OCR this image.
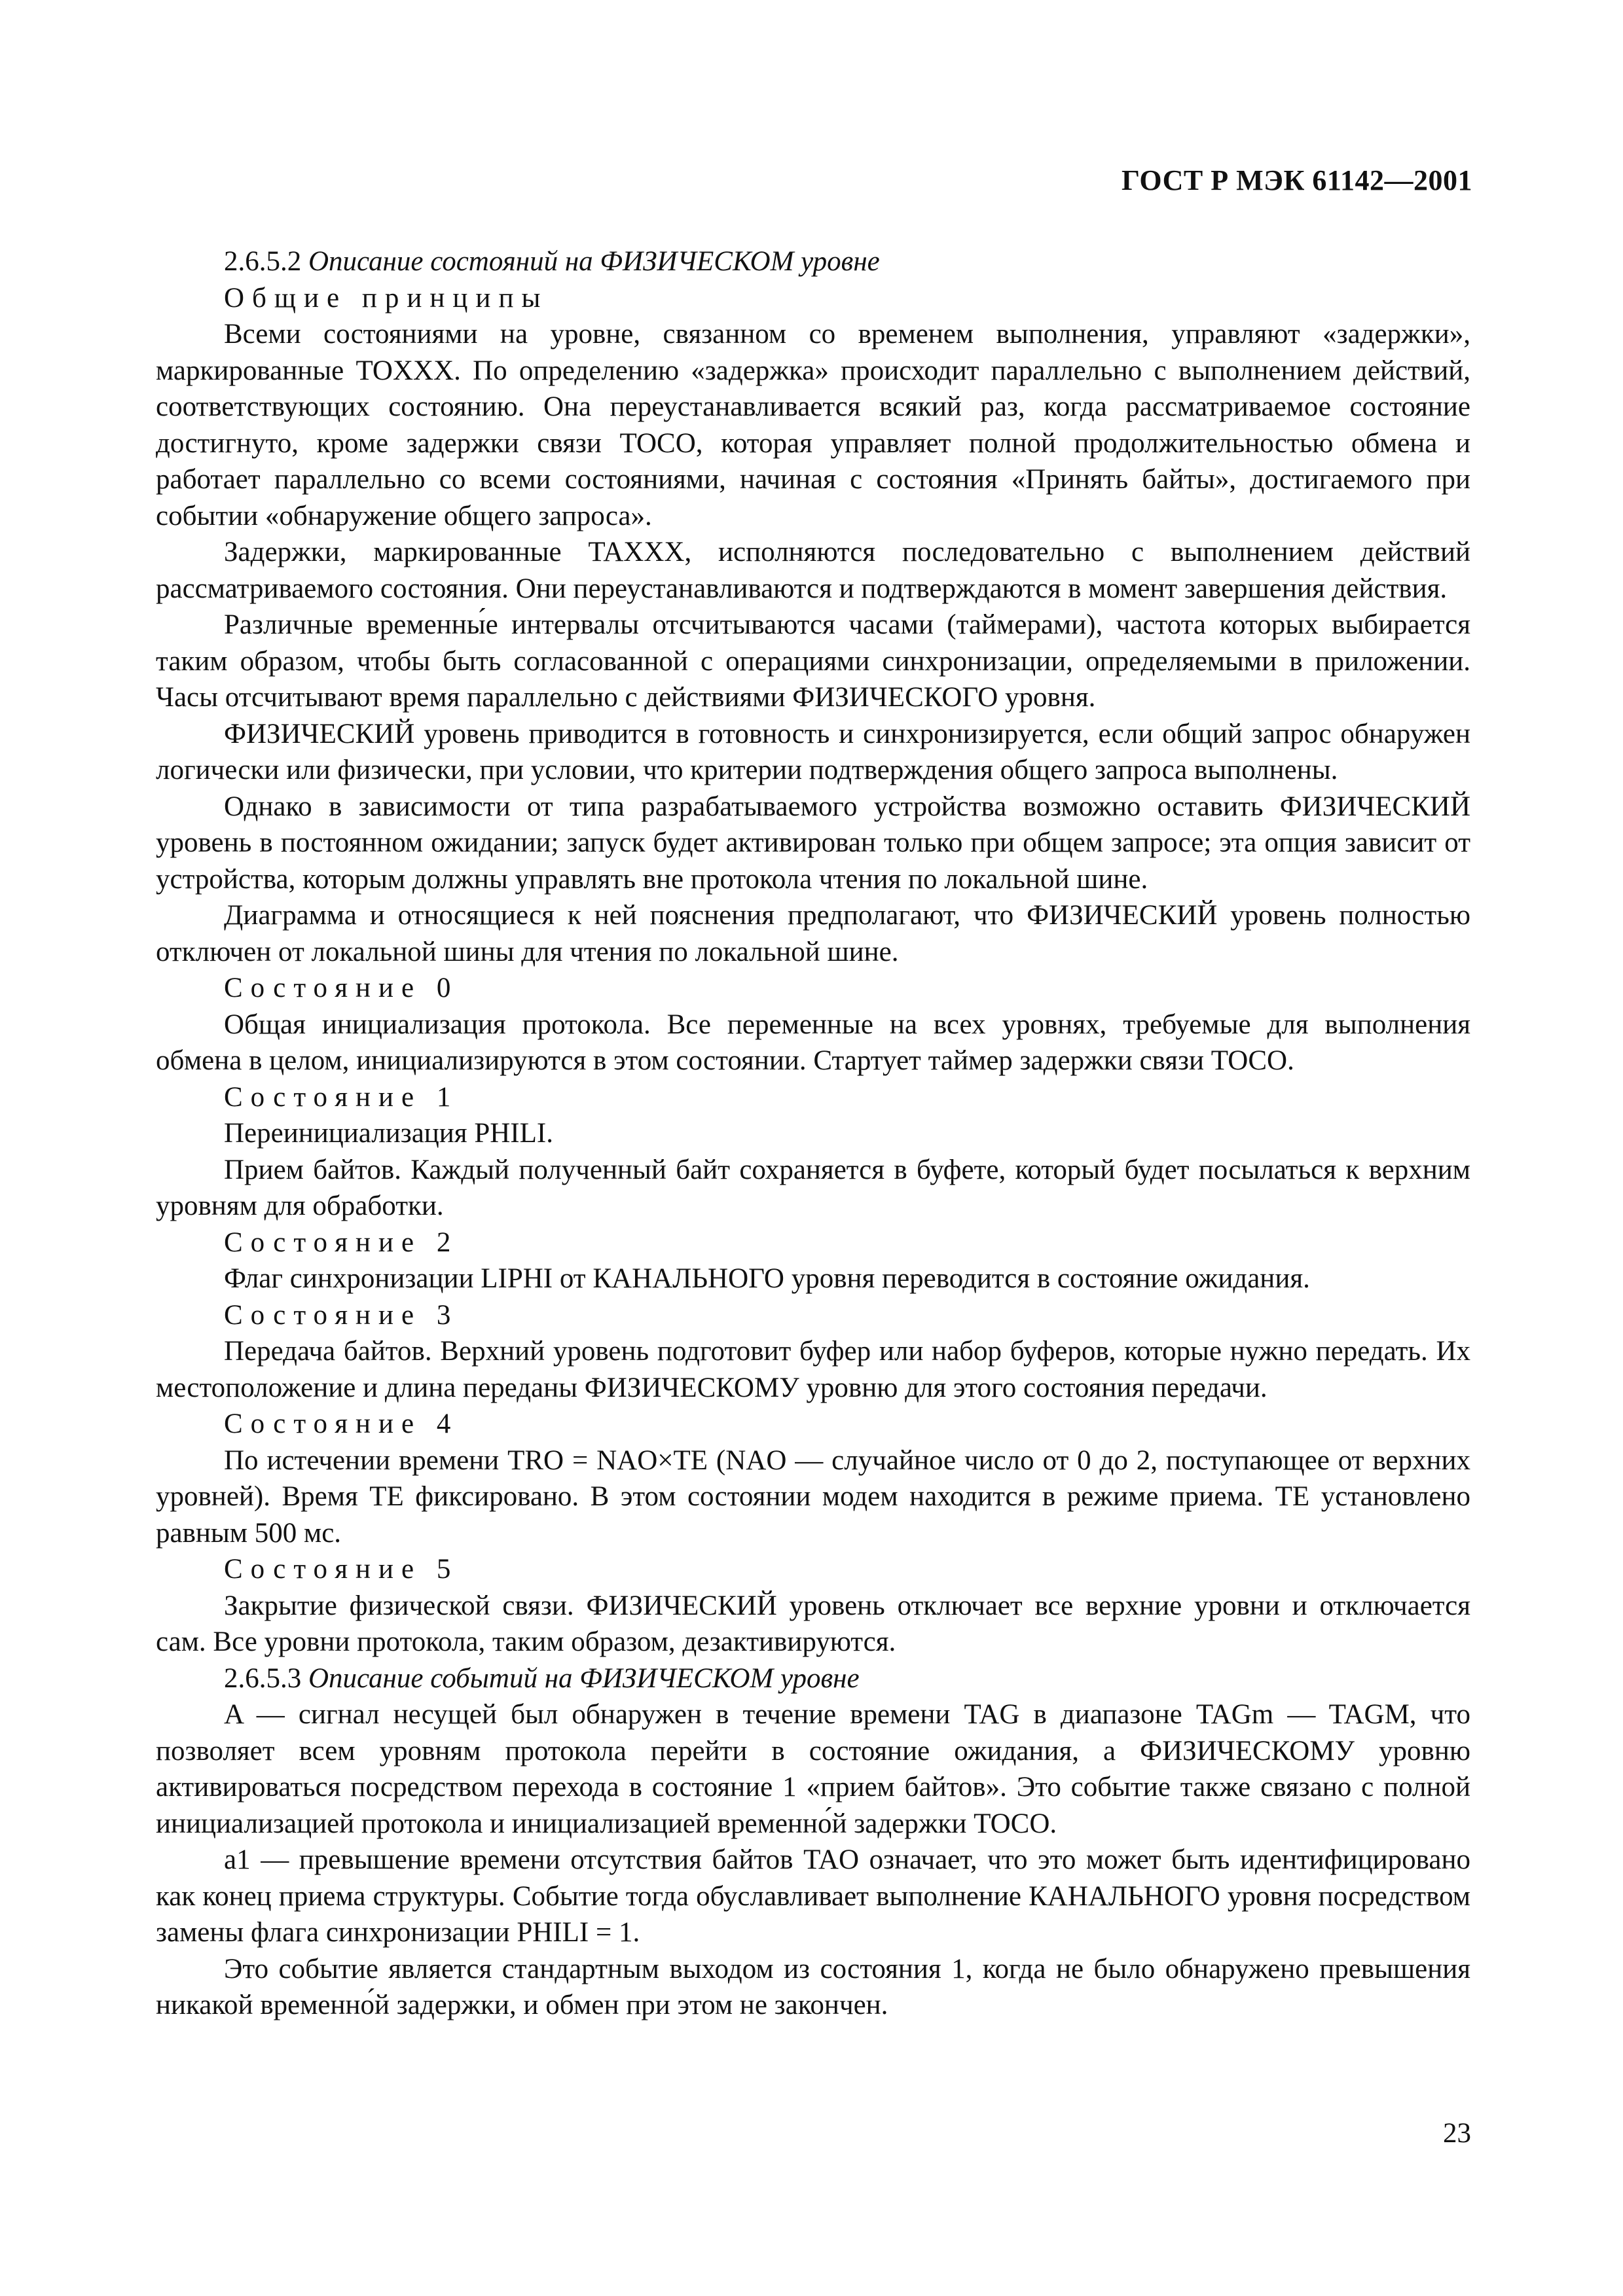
ГОСТ Р МЭК 61142—2001

2.6.5.2 Описание состояний на ФИЗИЧЕСКОМ уровне

Общие принципы

Всеми состояниями на уровне, связанном со временем выполнения, управляют «задержки», маркированные TOXXX. По определению «задержка» происходит параллельно с выполнением действий, соответствующих состоянию. Она переустанавливается всякий раз, когда рассматриваемое состояние достигнуто, кроме задержки связи TOCO, которая управляет полной продолжительностью обмена и работает параллельно со всеми состояниями, начиная с состояния «Принять байты», достигаемого при событии «обнаружение общего запроса».

Задержки, маркированные TAXXX, исполняются последовательно с выполнением действий рассматриваемого состояния. Они переустанавливаются и подтверждаются в момент завершения действия.

Различные временны́е интервалы отсчитываются часами (таймерами), частота которых выбирается таким образом, чтобы быть согласованной с операциями синхронизации, определяемыми в приложении. Часы отсчитывают время параллельно с действиями ФИЗИЧЕСКОГО уровня.

ФИЗИЧЕСКИЙ уровень приводится в готовность и синхронизируется, если общий запрос обнаружен логически или физически, при условии, что критерии подтверждения общего запроса выполнены.

Однако в зависимости от типа разрабатываемого устройства возможно оставить ФИЗИЧЕСКИЙ уровень в постоянном ожидании; запуск будет активирован только при общем запросе; эта опция зависит от устройства, которым должны управлять вне протокола чтения по локальной шине.

Диаграмма и относящиеся к ней пояснения предполагают, что ФИЗИЧЕСКИЙ уровень полностью отключен от локальной шины для чтения по локальной шине.

Состояние 0

Общая инициализация протокола. Все переменные на всех уровнях, требуемые для выполнения обмена в целом, инициализируются в этом состоянии. Стартует таймер задержки связи TOCO.

Состояние 1

Переинициализация PHILI.

Прием байтов. Каждый полученный байт сохраняется в буфете, который будет посылаться к верхним уровням для обработки.

Состояние 2

Флаг синхронизации LIPHI от КАНАЛЬНОГО уровня переводится в состояние ожидания.

Состояние 3

Передача байтов. Верхний уровень подготовит буфер или набор буферов, которые нужно передать. Их местоположение и длина переданы ФИЗИЧЕСКОМУ уровню для этого состояния передачи.

Состояние 4

По истечении времени TRO = NAO×TE (NAO — случайное число от 0 до 2, поступающее от верхних уровней). Время TE фиксировано. В этом состоянии модем находится в режиме приема. TE установлено равным 500 мс.

Состояние 5

Закрытие физической связи. ФИЗИЧЕСКИЙ уровень отключает все верхние уровни и отключается сам. Все уровни протокола, таким образом, дезактивируются.

2.6.5.3 Описание событий на ФИЗИЧЕСКОМ уровне

A — сигнал несущей был обнаружен в течение времени TAG в диапазоне TAGm — TAGM, что позволяет всем уровням протокола перейти в состояние ожидания, а ФИЗИЧЕСКОМУ уровню активироваться посредством перехода в состояние 1 «прием байтов». Это событие также связано с полной инициализацией протокола и инициализацией временно́й задержки TOCO.

a1 — превышение времени отсутствия байтов TAO означает, что это может быть идентифицировано как конец приема структуры. Событие тогда обуславливает выполнение КАНАЛЬНОГО уровня посредством замены флага синхронизации PHILI = 1.

Это событие является стандартным выходом из состояния 1, когда не было обнаружено превышения никакой временно́й задержки, и обмен при этом не закончен.

23
